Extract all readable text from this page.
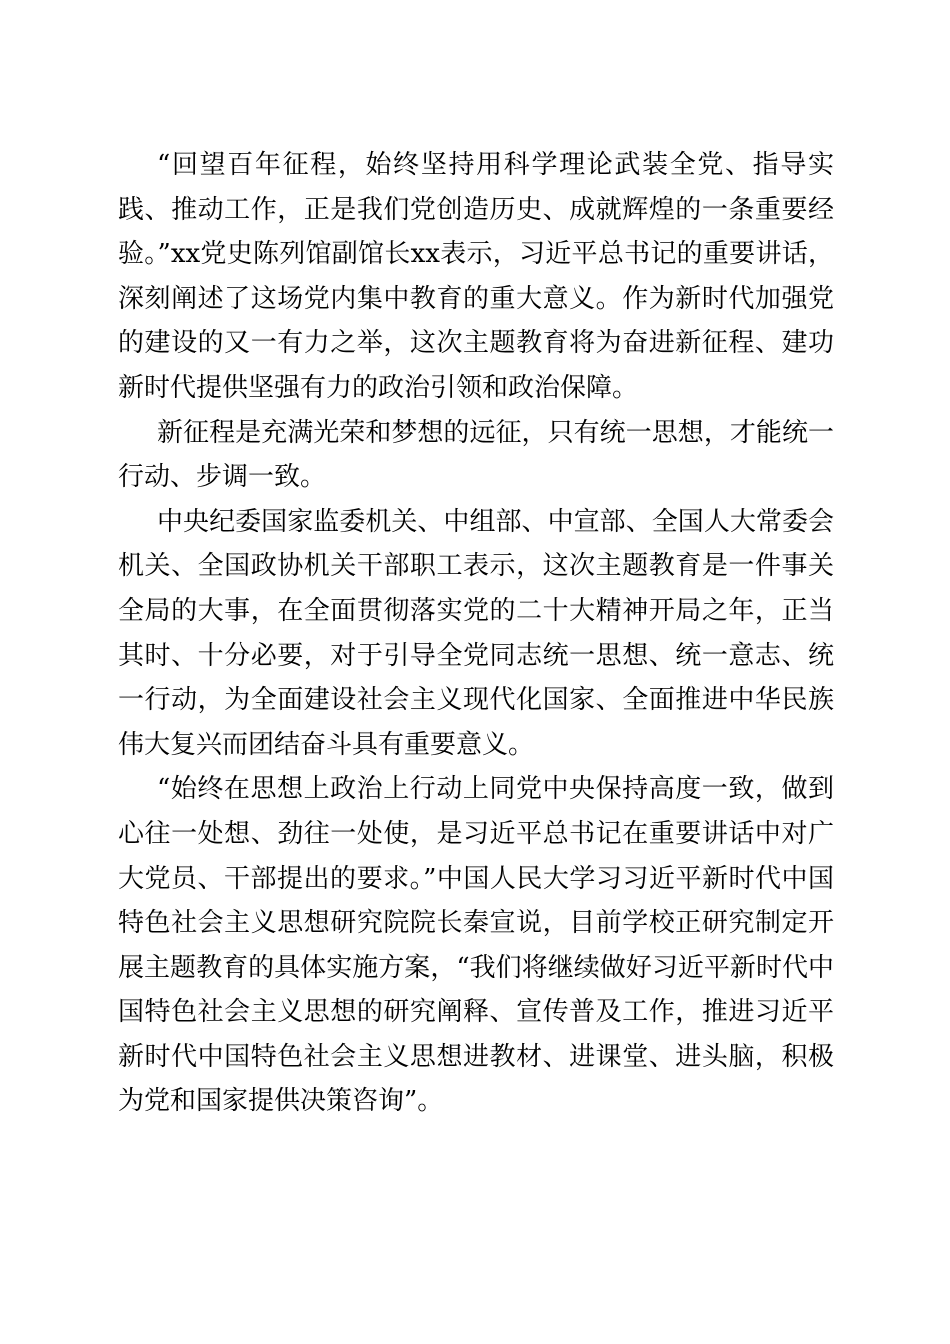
“回望百年征程，始终坚持用科学理论武装全党、指导实践、推动工作，正是我们党创造历史、成就辉煌的一条重要经验。”xx党史陈列馆副馆长xx表示，习近平总书记的重要讲话，深刻阐述了这场党内集中教育的重大意义。作为新时代加强党的建设的又一有力之举，这次主题教育将为奋进新征程、建功新时代提供坚强有力的政治引领和政治保障。

新征程是充满光荣和梦想的远征，只有统一思想，才能统一行动、步调一致。

中央纪委国家监委机关、中组部、中宣部、全国人大常委会机关、全国政协机关干部职工表示，这次主题教育是一件事关全局的大事，在全面贯彻落实党的二十大精神开局之年，正当其时、十分必要，对于引导全党同志统一思想、统一意志、统一行动，为全面建设社会主义现代化国家、全面推进中华民族伟大复兴而团结奋斗具有重要意义。

“始终在思想上政治上行动上同党中央保持高度一致，做到心往一处想、劲往一处使，是习近平总书记在重要讲话中对广大党员、干部提出的要求。”中国人民大学习习近平新时代中国特色社会主义思想研究院院长秦宣说，目前学校正研究制定开展主题教育的具体实施方案，“我们将继续做好习近平新时代中国特色社会主义思想的研究阐释、宣传普及工作，推进习近平新时代中国特色社会主义思想进教材、进课堂、进头脑，积极为党和国家提供决策咨询”。
